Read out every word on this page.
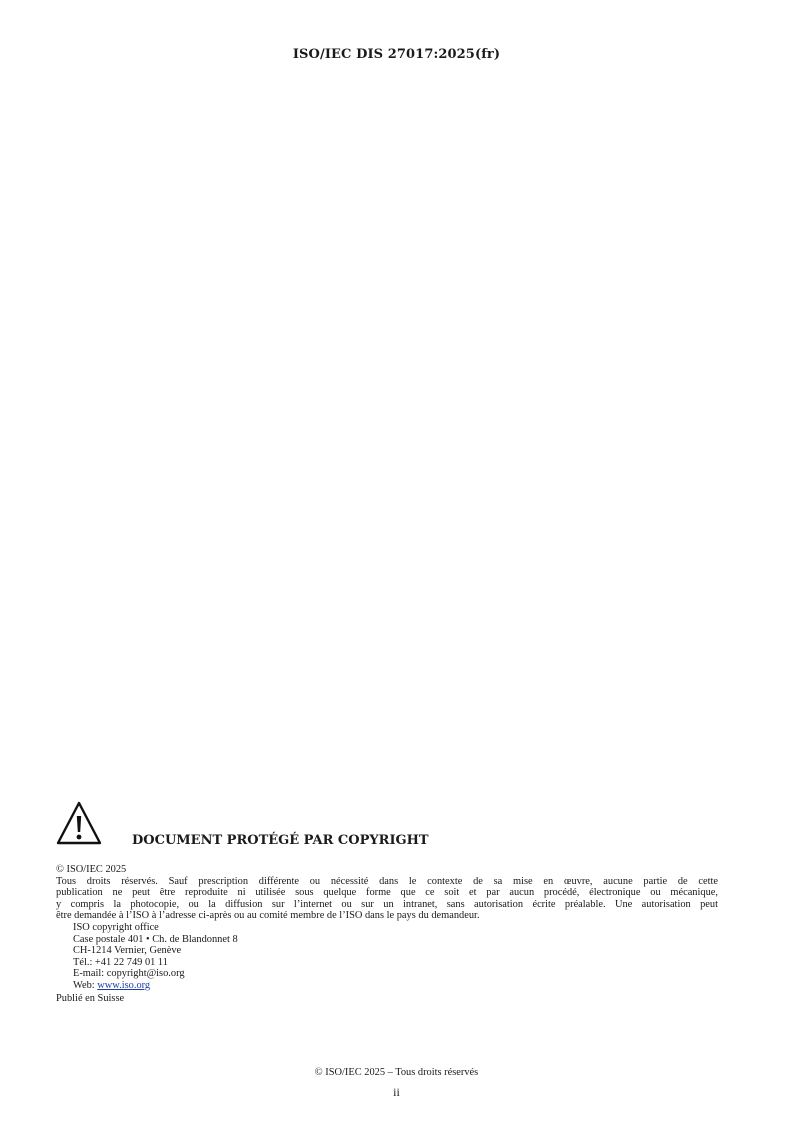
ISO/IEC DIS 27017:2025(fr)
DOCUMENT PROTÉGÉ PAR COPYRIGHT
© ISO/IEC 2025

Tous droits réservés. Sauf prescription différente ou nécessité dans le contexte de sa mise en œuvre, aucune partie de cette
publication ne peut être reproduite ni utilisée sous quelque forme que ce soit et par aucun procédé, électronique ou mécanique,
y compris la photocopie, ou la diffusion sur l’internet ou sur un intranet, sans autorisation écrite préalable. Une autorisation peut
être demandée à l’ISO à l’adresse ci-après ou au comité membre de l’ISO dans le pays du demandeur.

ISO copyright office
Case postale 401 • Ch. de Blandonnet 8
CH-1214 Vernier, Genève
Tél.: +41 22 749 01 11
E-mail: copyright@iso.org
Web: www.iso.org
Publié en Suisse
© ISO/IEC 2025 – Tous droits réservés
ii
